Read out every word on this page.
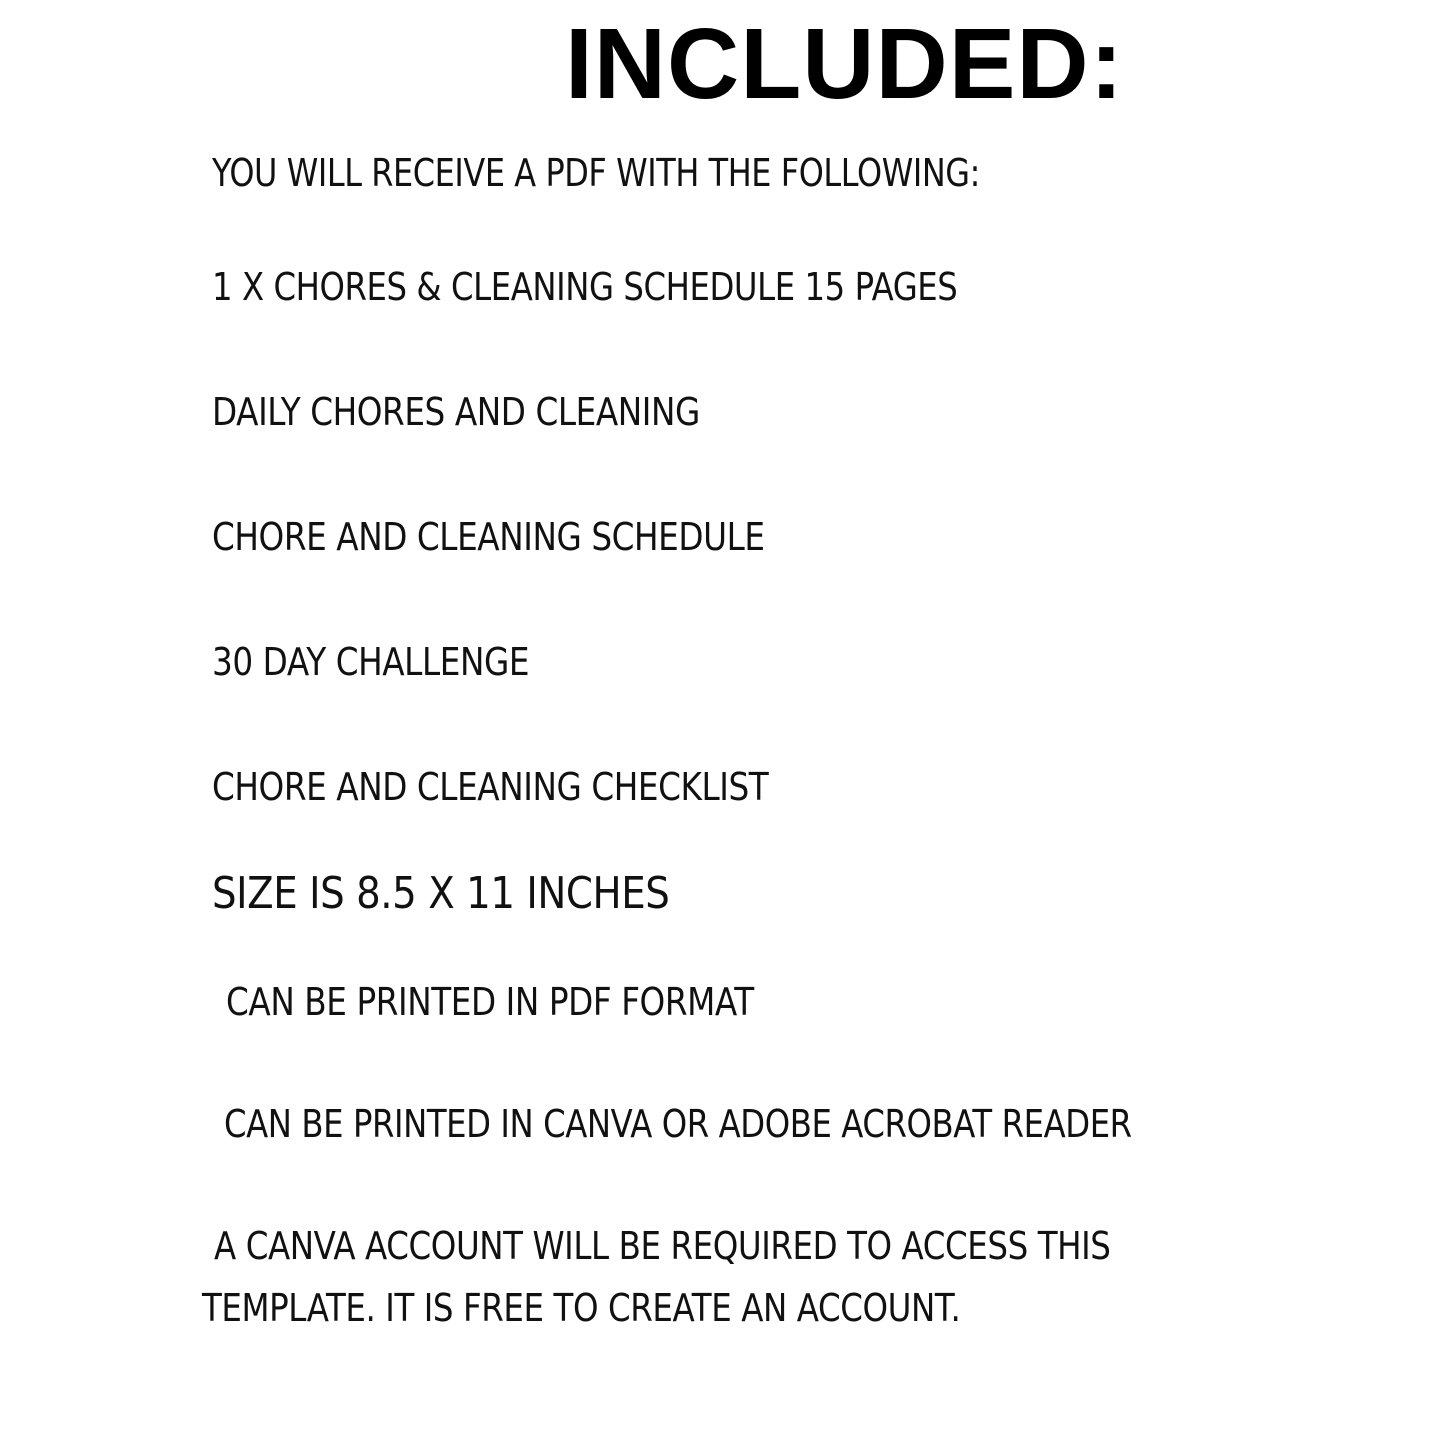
INCLUDED:
YOU WILL RECEIVE A PDF WITH THE FOLLOWING:
1 X CHORES & CLEANING SCHEDULE 15 PAGES
DAILY CHORES AND CLEANING
CHORE AND CLEANING SCHEDULE
30 DAY CHALLENGE
CHORE AND CLEANING CHECKLIST
SIZE IS 8.5 X 11 INCHES
CAN BE PRINTED IN PDF FORMAT
CAN BE PRINTED IN CANVA OR ADOBE ACROBAT READER
A CANVA ACCOUNT WILL BE REQUIRED TO ACCESS THIS
TEMPLATE. IT IS FREE TO CREATE AN ACCOUNT.
